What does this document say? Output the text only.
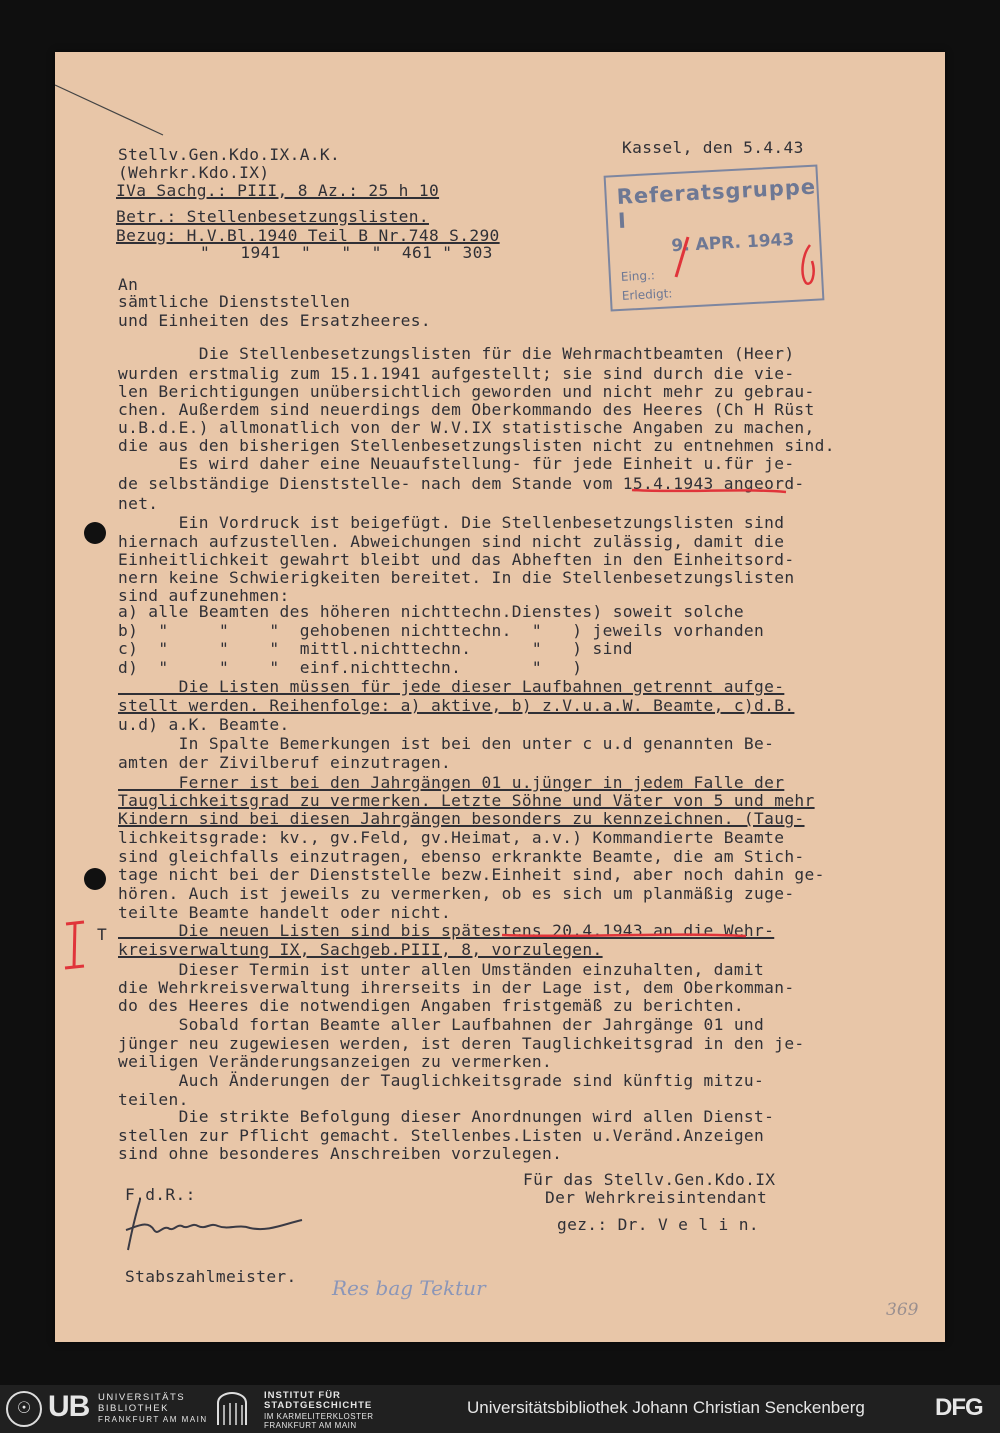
Stellv.Gen.Kdo.IX.A.K.
(Wehrkr.Kdo.IX)
IVa Sachg.: PIII, 8 Az.: 25 h 10
Kassel, den 5.4.43
Betr.: Stellenbesetzungslisten.
Bezug: H.V.Bl.1940 Teil B Nr.748 S.290
"   1941  "   "  "  461 " 303
Referatsgruppe I
9. APR. 1943
Eing.:
Erledigt:
An
sämtliche Dienststellen
und Einheiten des Ersatzheeres.
Die Stellenbesetzungslisten für die Wehrmachtbeamten (Heer)
wurden erstmalig zum 15.1.1941 aufgestellt; sie sind durch die vie-
len Berichtigungen unübersichtlich geworden und nicht mehr zu gebrau-
chen. Außerdem sind neuerdings dem Oberkommando des Heeres (Ch H Rüst
u.B.d.E.) allmonatlich von der W.V.IX statistische Angaben zu machen,
die aus den bisherigen Stellenbesetzungslisten nicht zu entnehmen sind.
Es wird daher eine Neuaufstellung- für jede Einheit u.für je-
de selbständige Dienststelle- nach dem Stande vom 15.4.1943 angeord-
net.
Ein Vordruck ist beigefügt. Die Stellenbesetzungslisten sind
hiernach aufzustellen. Abweichungen sind nicht zulässig, damit die
Einheitlichkeit gewahrt bleibt und das Abheften in den Einheitsord-
nern keine Schwierigkeiten bereitet. In die Stellenbesetzungslisten
sind aufzunehmen:
a) alle Beamten des höheren nichttechn.Dienstes) soweit solche
b)  "     "    "  gehobenen nichttechn.  "   ) jeweils vorhanden
c)  "     "    "  mittl.nichttechn.      "   ) sind
d)  "     "    "  einf.nichttechn.       "   )
Die Listen müssen für jede dieser Laufbahnen getrennt aufge-
stellt werden. Reihenfolge: a) aktive, b) z.V.u.a.W. Beamte, c)d.B.
u.d) a.K. Beamte.
In Spalte Bemerkungen ist bei den unter c u.d genannten Be-
amten der Zivilberuf einzutragen.
Ferner ist bei den Jahrgängen 01 u.jünger in jedem Falle der
Tauglichkeitsgrad zu vermerken. Letzte Söhne und Väter von 5 und mehr
Kindern sind bei diesen Jahrgängen besonders zu kennzeichnen. (Taug-
lichkeitsgrade: kv., gv.Feld, gv.Heimat, a.v.) Kommandierte Beamte
sind gleichfalls einzutragen, ebenso erkrankte Beamte, die am Stich-
tage nicht bei der Dienststelle bezw.Einheit sind, aber noch dahin ge-
hören. Auch ist jeweils zu vermerken, ob es sich um planmäßig zuge-
teilte Beamte handelt oder nicht.
Die neuen Listen sind bis spätestens 20.4.1943 an die Wehr-
kreisverwaltung IX, Sachgeb.PIII, 8, vorzulegen.
Dieser Termin ist unter allen Umständen einzuhalten, damit
die Wehrkreisverwaltung ihrerseits in der Lage ist, dem Oberkomman-
do des Heeres die notwendigen Angaben fristgemäß zu berichten.
Sobald fortan Beamte aller Laufbahnen der Jahrgänge 01 und
jünger neu zugewiesen werden, ist deren Tauglichkeitsgrad in den je-
weiligen Veränderungsanzeigen zu vermerken.
Auch Änderungen der Tauglichkeitsgrade sind künftig mitzu-
teilen.
Die strikte Befolgung dieser Anordnungen wird allen Dienst-
stellen zur Pflicht gemacht. Stellenbes.Listen u.Veränd.Anzeigen
sind ohne besonderes Anschreiben vorzulegen.
T
F.d.R.:
Für das Stellv.Gen.Kdo.IX
Der Wehrkreisintendant
gez.: Dr. V e l i n.
Stabszahlmeister. Res bag Tektur
369
☉ UB UNIVERSITÄTS
BIBLIOTHEK
FRANKFURT AM MAIN
INSTITUT FÜR
STADTGESCHICHTE
IM KARMELITERKLOSTER
FRANKFURT AM MAIN
Universitätsbibliothek Johann Christian Senckenberg	DFG
